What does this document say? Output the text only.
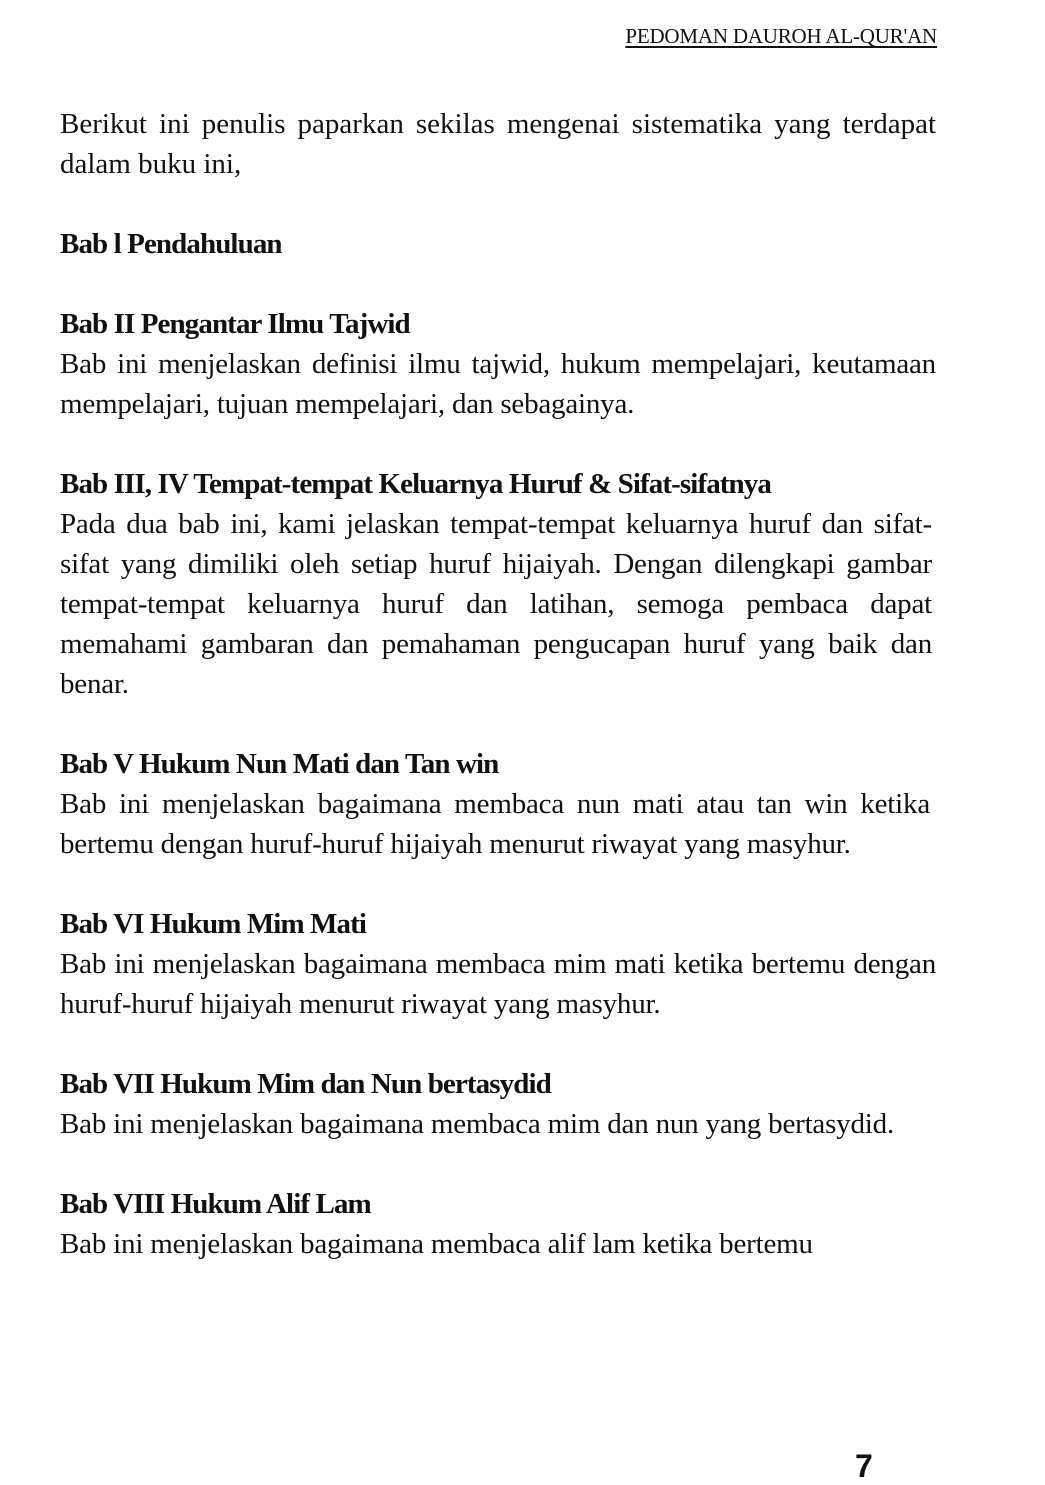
PEDOMAN DAUROH AL-QUR'AN

Berikut ini penulis paparkan sekilas mengenai sistematika yang terdapat dalam buku ini,

Bab l Pendahuluan

Bab II Pengantar Ilmu Tajwid

Bab ini menjelaskan definisi ilmu tajwid, hukum mempelajari, keutamaan mempelajari, tujuan mempelajari, dan sebagainya.

Bab III, IV Tempat-tempat Keluarnya Huruf & Sifat-sifatnya

Pada dua bab ini, kami jelaskan tempat-tempat keluarnya huruf dan sifat-sifat yang dimiliki oleh setiap huruf hijaiyah. Dengan dilengkapi gambar tempat-tempat keluarnya huruf dan latihan, semoga pembaca dapat memahami gambaran dan pemahaman pengucapan huruf yang baik dan benar.

Bab V Hukum Nun Mati dan Tan win

Bab ini menjelaskan bagaimana membaca nun mati atau tan win ketika bertemu dengan huruf-huruf hijaiyah menurut riwayat yang masyhur.

Bab VI Hukum Mim Mati

Bab ini menjelaskan bagaimana membaca mim mati ketika bertemu dengan huruf-huruf hijaiyah menurut riwayat yang masyhur.

Bab VII Hukum Mim dan Nun bertasydid

Bab ini menjelaskan bagaimana membaca mim dan nun yang bertasydid.

Bab VIII Hukum Alif Lam

Bab ini menjelaskan bagaimana membaca alif lam ketika bertemu

7
